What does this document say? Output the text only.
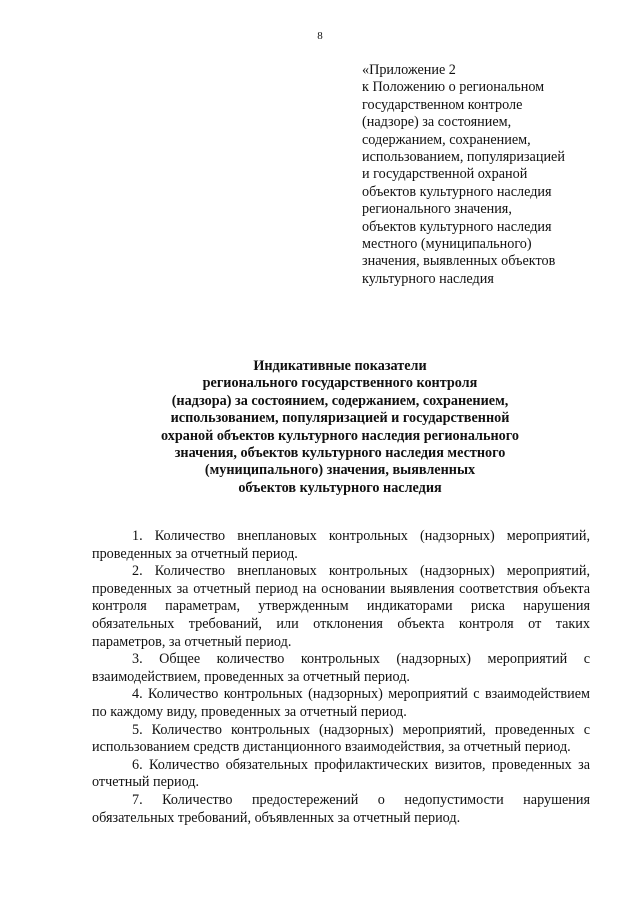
8
«Приложение 2
к Положению о региональном
государственном контроле
(надзоре) за состоянием,
содержанием, сохранением,
использованием, популяризацией
и государственной охраной
объектов культурного наследия
регионального значения,
объектов культурного наследия
местного (муниципального)
значения, выявленных объектов
культурного наследия
Индикативные показатели
регионального государственного контроля
(надзора) за состоянием, содержанием, сохранением,
использованием, популяризацией и государственной
охраной объектов культурного наследия регионального
значения, объектов культурного наследия местного
(муниципального) значения, выявленных
объектов культурного наследия

1. Количество внеплановых контрольных (надзорных) мероприятий, проведенных за отчетный период.

2. Количество внеплановых контрольных (надзорных) мероприятий, проведенных за отчетный период на основании выявления соответствия объекта контроля параметрам, утвержденным индикаторами риска нарушения обязательных требований, или отклонения объекта контроля от таких параметров, за отчетный период.

3. Общее количество контрольных (надзорных) мероприятий с взаимодействием, проведенных за отчетный период.

4. Количество контрольных (надзорных) мероприятий с взаимодействием по каждому виду, проведенных за отчетный период.

5. Количество контрольных (надзорных) мероприятий, проведенных с использованием средств дистанционного взаимодействия, за отчетный период.

6. Количество обязательных профилактических визитов, проведенных за отчетный период.

7. Количество предостережений о недопустимости нарушения обязательных требований, объявленных за отчетный период.
